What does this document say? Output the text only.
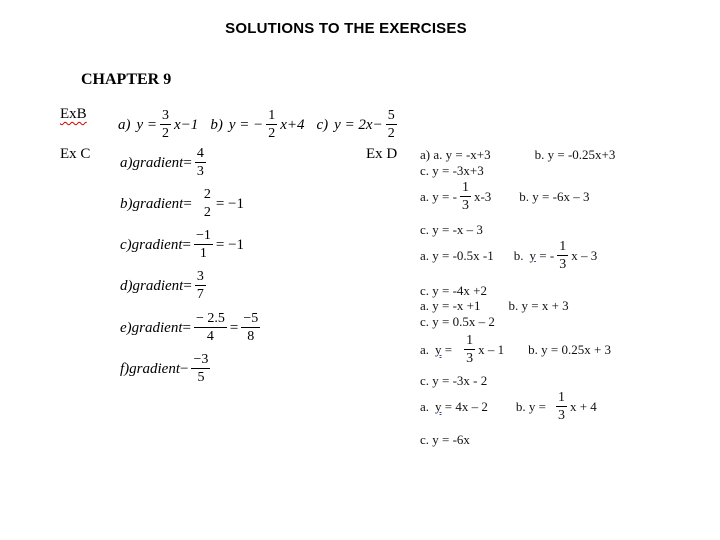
SOLUTIONS TO THE EXERCISES
CHAPTER 9
ExB
a) $y = \frac{3}{2} x-1$ b) y = − $\frac{1}{2} x+4$ c) $y = 2x- \frac{5}{2}$
Ex C
a) gradient = $\frac{4}{3}$
b) gradient =
2
2
= −1
c) gradient = $\frac{-1}{1} = -1$
d) gradient = $\frac{3}{7}$
e) gradient = $\frac{- 2.5}{4} = \frac{-5}{8}$
f) gradient − $\frac{-3}{5}$
Ex D a) a. y = -x+3	b. y = -0.25x+3
c. y = -3x+3
a. y = - $\frac{1}{3} x-3$ b. y = -6x – 3
c. y = -x – 3
a. y = -0.5x -1 b. y
= - $\frac{1}{3}$ x – 3
c. y = -4x +2
a. y = -x +1 b. y = x + 3
c. y = 0.5x – 2
a. y
= $\frac{1}{3}$ x – 1 b. y = 0.25x + 3
c. y = -3x - 2
a. y
= 4x – 2 b. $y = \frac{1}{3}$ x + 4
c. y = -6x
